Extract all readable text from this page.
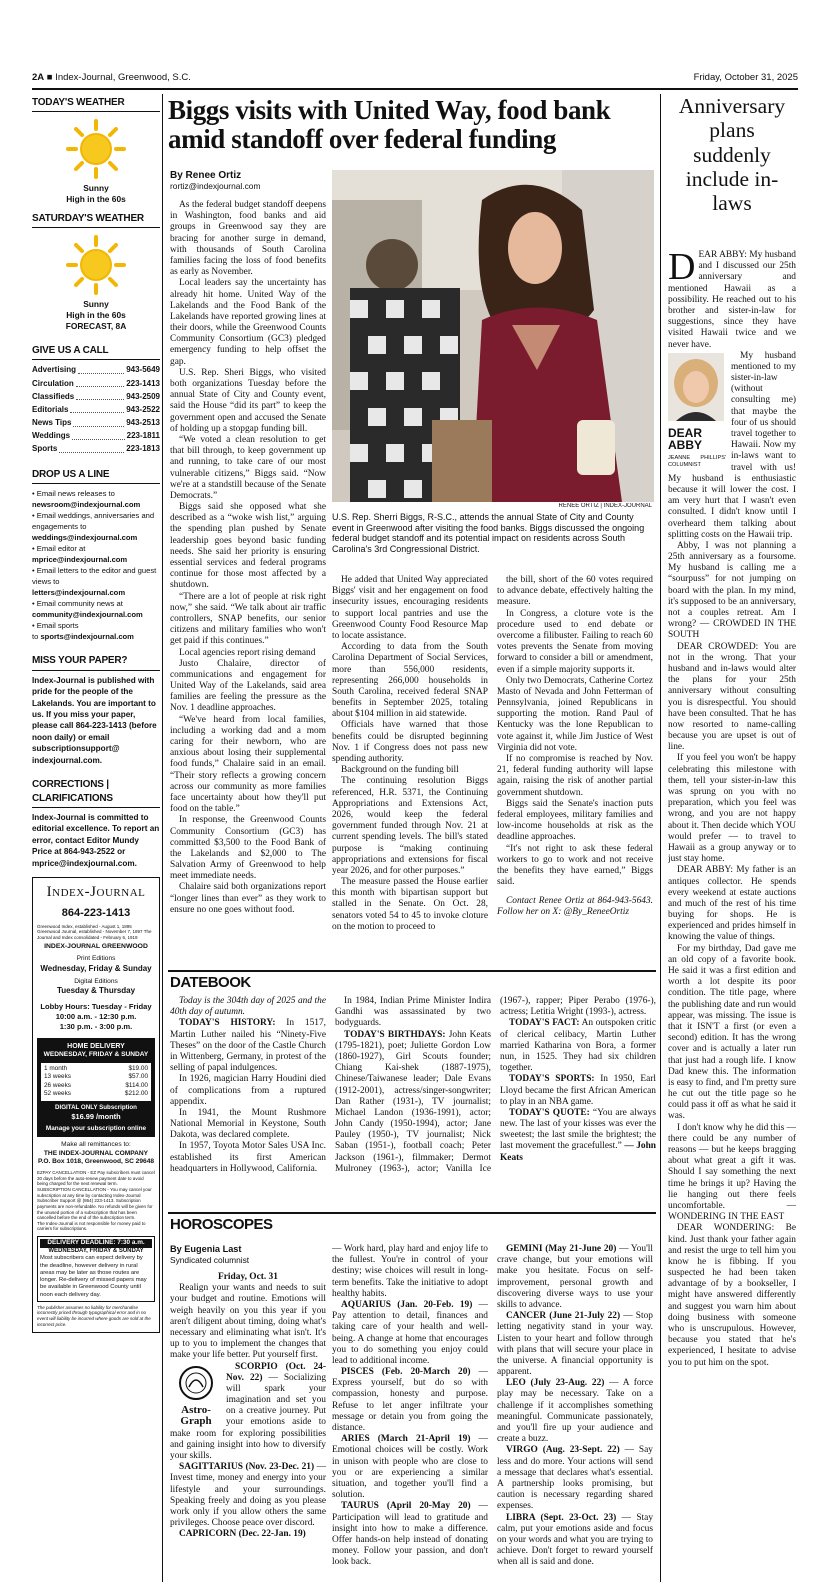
2A ■ Index-Journal, Greenwood, S.C.	Friday, October 31, 2025
TODAY'S WEATHER
Sunny
High in the 60s
SATURDAY'S WEATHER
Sunny
High in the 60s
FORECAST, 8A
GIVE US A CALL
Advertising	943-5649
Circulation	223-1413
Classifieds	943-2509
Editorials	943-2522
News Tips	943-2513
Weddings	223-1811
Sports	223-1813
DROP US A LINE
• Email news releases to
newsroom@indexjournal.com
• Email weddings, anniversaries and engagements to
weddings@indexjournal.com
• Email editor at
mprice@indexjournal.com
• Email letters to the editor and guest views to
letters@indexjournal.com
• Email community news at
community@indexjournal.com
• Email sports
to sports@indexjournal.com
MISS YOUR PAPER?

Index-Journal is published with pride for the people of the Lakelands. You are important to us. If you miss your paper, please call 864-223-1413 (before noon daily) or email subscriptionsupport@ indexjournal.com.

CORRECTIONS | CLARIFICATIONS

Index-Journal is committed to editorial excellence. To report an error, contact Editor Mundy Price at 864-943-2522 or mprice@indexjournal.com.

Index-Journal
864-223-1413
Greenwood Index, established - August 1, 1895 Greenwood Journal, established - November 7, 1897 The Journal and Index consolidated - February 6, 1919
INDEX-JOURNAL GREENWOOD
Print Editions
Wednesday, Friday & Sunday
Digital Editions
Tuesday & Thursday
Lobby Hours: Tuesday - Friday
10:00 a.m. - 12:30 p.m.
1:30 p.m. - 3:00 p.m.
HOME DELIVERY
WEDNESDAY, FRIDAY & SUNDAY
1 month	$19.00
13 weeks	$57.00
26 weeks	$114.00
52 weeks	$212.00
DIGITAL ONLY Subscription
$16.99 /month
Manage your subscription online
Make all remittances to:
THE INDEX-JOURNAL COMPANY
P.O. Box 1018, Greenwood, SC 29648
EZPAY CANCELLATION - EZ Pay subscribers must cancel 30 days before the auto-renew payment date to avoid being charged for the next renewal term.
SUBSCRIPTION CANCELLATION - You may cancel your subscription at any time by contacting Index-Journal Subscriber Support @ (864) 223-1413. Subscription payments are non-refundable. No refunds will be given for the unused portion of a subscription that has been cancelled before the end of the subscription term.
The Index-Journal is not responsible for money paid to carriers for subscriptions.
DELIVERY DEADLINE: 7:30 a.m.
WEDNESDAY, FRIDAY & SUNDAY
Most subscribers can expect delivery by the deadline, however delivery in rural areas may be later as those routes are longer. Re-delivery of missed papers may be available in Greenwood County until noon each delivery day.
The publisher assumes no liability for merchandise incorrectly priced through typographical error and in no event will liability be incurred where goods are sold at the incorrect price.
Biggs visits with United Way, food bank amid standoff over federal funding
By Renee Ortiz
rortiz@indexjournal.com

As the federal budget standoff deepens in Washington, food banks and aid groups in Greenwood say they are bracing for another surge in demand, with thousands of South Carolina families facing the loss of food benefits as early as November.

Local leaders say the uncertainty has already hit home. United Way of the Lakelands and the Food Bank of the Lakelands have reported growing lines at their doors, while the Greenwood Counts Community Consortium (GC3) pledged emergency funding to help offset the gap.

U.S. Rep. Sheri Biggs, who visited both organizations Tuesday before the annual State of City and County event, said the House “did its part” to keep the government open and accused the Senate of holding up a stopgap funding bill.

“We voted a clean resolution to get that bill through, to keep government up and running, to take care of our most vulnerable citizens,” Biggs said. “Now we're at a standstill because of the Senate Democrats.”

Biggs said she opposed what she described as a “woke wish list,” arguing the spending plan pushed by Senate leadership goes beyond basic funding needs. She said her priority is ensuring essential services and federal programs continue for those most affected by a shutdown.

“There are a lot of people at risk right now,” she said. “We talk about air traffic controllers, SNAP benefits, our senior citizens and military families who won't get paid if this continues.”

Local agencies report rising demand

Justo Chalaire, director of communications and engagement for United Way of the Lakelands, said area families are feeling the pressure as the Nov. 1 deadline approaches.

“We've heard from local families, including a working dad and a mom caring for their newborn, who are anxious about losing their supplemental food funds,” Chalaire said in an email. “Their story reflects a growing concern across our community as more families face uncertainty about how they'll put food on the table.”

In response, the Greenwood Counts Community Consortium (GC3) has committed $3,500 to the Food Bank of the Lakelands and $2,000 to The Salvation Army of Greenwood to help meet immediate needs.

Chalaire said both organizations report “longer lines than ever” as they work to ensure no one goes without food.

RENEE ORTIZ | INDEX-JOURNAL
U.S. Rep. Sherri Biggs, R-S.C., attends the annual State of City and County event in Greenwood after visiting the food banks. Biggs discussed the ongoing federal budget standoff and its potential impact on residents across South Carolina's 3rd Congressional District.

He added that United Way appreciated Biggs' visit and her engagement on food insecurity issues, encouraging residents to support local pantries and use the Greenwood County Food Resource Map to locate assistance.

According to data from the South Carolina Department of Social Services, more than 556,000 residents, representing 266,000 households in South Carolina, received federal SNAP benefits in September 2025, totaling about $104 million in aid statewide.

Officials have warned that those benefits could be disrupted beginning Nov. 1 if Congress does not pass new spending authority.

Background on the funding bill

The continuing resolution Biggs referenced, H.R. 5371, the Continuing Appropriations and Extensions Act, 2026, would keep the federal government funded through Nov. 21 at current spending levels. The bill's stated purpose is “making continuing appropriations and extensions for fiscal year 2026, and for other purposes.”

The measure passed the House earlier this month with bipartisan support but stalled in the Senate. On Oct. 28, senators voted 54 to 45 to invoke cloture on the motion to proceed to

the bill, short of the 60 votes required to advance debate, effectively halting the measure.

In Congress, a cloture vote is the procedure used to end debate or overcome a filibuster. Failing to reach 60 votes prevents the Senate from moving forward to consider a bill or amendment, even if a simple majority supports it.

Only two Democrats, Catherine Cortez Masto of Nevada and John Fetterman of Pennsylvania, joined Republicans in supporting the motion. Rand Paul of Kentucky was the lone Republican to vote against it, while Jim Justice of West Virginia did not vote.

If no compromise is reached by Nov. 21, federal funding authority will lapse again, raising the risk of another partial government shutdown.

Biggs said the Senate's inaction puts federal employees, military families and low-income households at risk as the deadline approaches.

“It's not right to ask these federal workers to go to work and not receive the benefits they have earned,” Biggs said.

Contact Renee Ortiz at 864-943-5643. Follow her on X: @By_ReneeOrtiz

DATEBOOK

Today is the 304th day of 2025 and the 40th day of autumn.

TODAY'S HISTORY: In 1517, Martin Luther nailed his “Ninety-Five Theses” on the door of the Castle Church in Wittenberg, Germany, in protest of the selling of papal indulgences.

In 1926, magician Harry Houdini died of complications from a ruptured appendix.

In 1941, the Mount Rushmore National Memorial in Keystone, South Dakota, was declared complete.

In 1957, Toyota Motor Sales USA Inc. established its first American headquarters in Hollywood, California.

In 1984, Indian Prime Minister Indira Gandhi was assassinated by two bodyguards.

TODAY'S BIRTHDAYS: John Keats (1795-1821), poet; Juliette Gordon Low (1860-1927), Girl Scouts founder; Chiang Kai-shek (1887-1975), Chinese/Taiwanese leader; Dale Evans (1912-2001), actress/singer-songwriter; Dan Rather (1931-), TV journalist; Michael Landon (1936-1991), actor; John Candy (1950-1994), actor; Jane Pauley (1950-), TV journalist; Nick Saban (1951-), football coach; Peter Jackson (1961-), filmmaker; Dermot Mulroney (1963-), actor; Vanilla Ice (1967-), rapper; Piper Perabo (1976-), actress; Letitia Wright (1993-), actress.

TODAY'S FACT: An outspoken critic of clerical celibacy, Martin Luther married Katharina von Bora, a former nun, in 1525. They had six children together.

TODAY'S SPORTS: In 1950, Earl Lloyd became the first African American to play in an NBA game.

TODAY'S QUOTE: “You are always new. The last of your kisses was ever the sweetest; the last smile the brightest; the last movement the gracefullest.” — John Keats

HOROSCOPES
By Eugenia Last
Syndicated columnist

Friday, Oct. 31

Realign your wants and needs to suit your budget and routine. Emotions will weigh heavily on you this year if you aren't diligent about timing, doing what's necessary and eliminating what isn't. It's up to you to implement the changes that make your life better. Put yourself first.

Astro-Graph

SCORPIO (Oct. 24-Nov. 22) — Socializing will spark your imagination and set you on a creative journey. Put your emotions aside to make room for exploring possibilities and gaining insight into how to diversify your skills.

SAGITTARIUS (Nov. 23-Dec. 21) — Invest time, money and energy into your lifestyle and your surroundings. Speaking freely and doing as you please work only if you allow others the same privileges. Choose peace over discord.

CAPRICORN (Dec. 22-Jan. 19)

— Work hard, play hard and enjoy life to the fullest. You're in control of your destiny; wise choices will result in long-term benefits. Take the initiative to adopt healthy habits.

AQUARIUS (Jan. 20-Feb. 19) — Pay attention to detail, finances and taking care of your health and well-being. A change at home that encourages you to do something you enjoy could lead to additional income.

PISCES (Feb. 20-March 20) — Express yourself, but do so with compassion, honesty and purpose. Refuse to let anger infiltrate your message or detain you from going the distance.

ARIES (March 21-April 19) — Emotional choices will be costly. Work in unison with people who are close to you or are experiencing a similar situation, and together you'll find a solution.

TAURUS (April 20-May 20) — Participation will lead to gratitude and insight into how to make a difference. Offer hands-on help instead of donating money. Follow your passion, and don't look back.

GEMINI (May 21-June 20) — You'll crave change, but your emotions will make you hesitate. Focus on self-improvement, personal growth and discovering diverse ways to use your skills to advance.

CANCER (June 21-July 22) — Stop letting negativity stand in your way. Listen to your heart and follow through with plans that will secure your place in the universe. A financial opportunity is apparent.

LEO (July 23-Aug. 22) — A force play may be necessary. Take on a challenge if it accomplishes something meaningful. Communicate passionately, and you'll fire up your audience and create a buzz.

VIRGO (Aug. 23-Sept. 22) — Say less and do more. Your actions will send a message that declares what's essential. A partnership looks promising, but caution is necessary regarding shared expenses.

LIBRA (Sept. 23-Oct. 23) — Stay calm, put your emotions aside and focus on your words and what you are trying to achieve. Don't forget to reward yourself when all is said and done.

Anniversary plans suddenly include in-laws
D EAR ABBY: My husband and I discussed our 25th anniversary and mentioned Hawaii as a possibility. He reached out to his brother and sister-in-law for suggestions, since they have visited Hawaii twice and we never have.

DEAR
ABBY
JEANNE PHILLIPS' COLUMNIST

My husband mentioned to my sister-in-law (without consulting me) that maybe the four of us should travel together to Hawaii. Now my in-laws want to travel with us! My husband is enthusiastic because it will lower the cost. I am very hurt that I wasn't even consulted. I didn't know until I overheard them talking about splitting costs on the Hawaii trip.

Abby, I was not planning a 25th anniversary as a foursome. My husband is calling me a “sourpuss” for not jumping on board with the plan. In my mind, it's supposed to be an anniversary, not a couples retreat. Am I wrong? — CROWDED IN THE SOUTH

DEAR CROWDED: You are not in the wrong. That your husband and in-laws would alter the plans for your 25th anniversary without consulting you is disrespectful. You should have been consulted. That he has now resorted to name-calling because you are upset is out of line.

If you feel you won't be happy celebrating this milestone with them, tell your sister-in-law this was sprung on you with no preparation, which you feel was wrong, and you are not happy about it. Then decide which YOU would prefer — to travel to Hawaii as a group anyway or to just stay home.

DEAR ABBY: My father is an antiques collector. He spends every weekend at estate auctions and much of the rest of his time buying for shops. He is experienced and prides himself in knowing the value of things.

For my birthday, Dad gave me an old copy of a favorite book. He said it was a first edition and worth a lot despite its poor condition. The title page, where the publishing date and run would appear, was missing. The issue is that it ISN'T a first (or even a second) edition. It has the wrong cover and is actually a later run that just had a rough life. I know Dad knew this. The information is easy to find, and I'm pretty sure he cut out the title page so he could pass it off as what he said it was.

I don't know why he did this — there could be any number of reasons — but he keeps bragging about what great a gift it was. Should I say something the next time he brings it up? Having the lie hanging out there feels uncomfortable. — WONDERING IN THE EAST

DEAR WONDERING: Be kind. Just thank your father again and resist the urge to tell him you know he is fibbing. If you suspected he had been taken advantage of by a bookseller, I might have answered differently and suggest you warn him about doing business with someone who is unscrupulous. However, because you stated that he's experienced, I hesitate to advise you to put him on the spot.
